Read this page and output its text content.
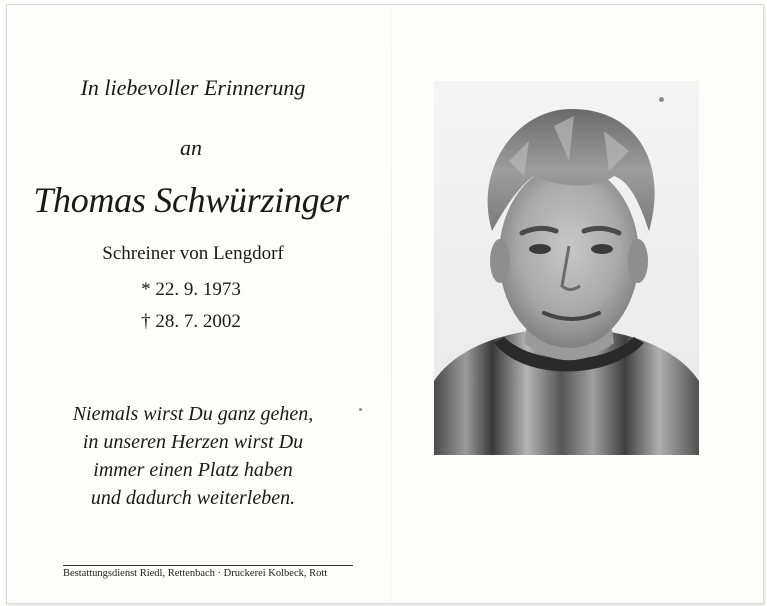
In liebevoller Erinnerung
an
Thomas Schwürzinger
Schreiner von Lengdorf
* 22. 9. 1973
† 28. 7. 2002
Niemals wirst Du ganz gehen,
in unseren Herzen wirst Du
immer einen Platz haben
und dadurch weiterleben.
Bestattungsdienst Riedl, Rettenbach · Druckerei Kolbeck, Rott
